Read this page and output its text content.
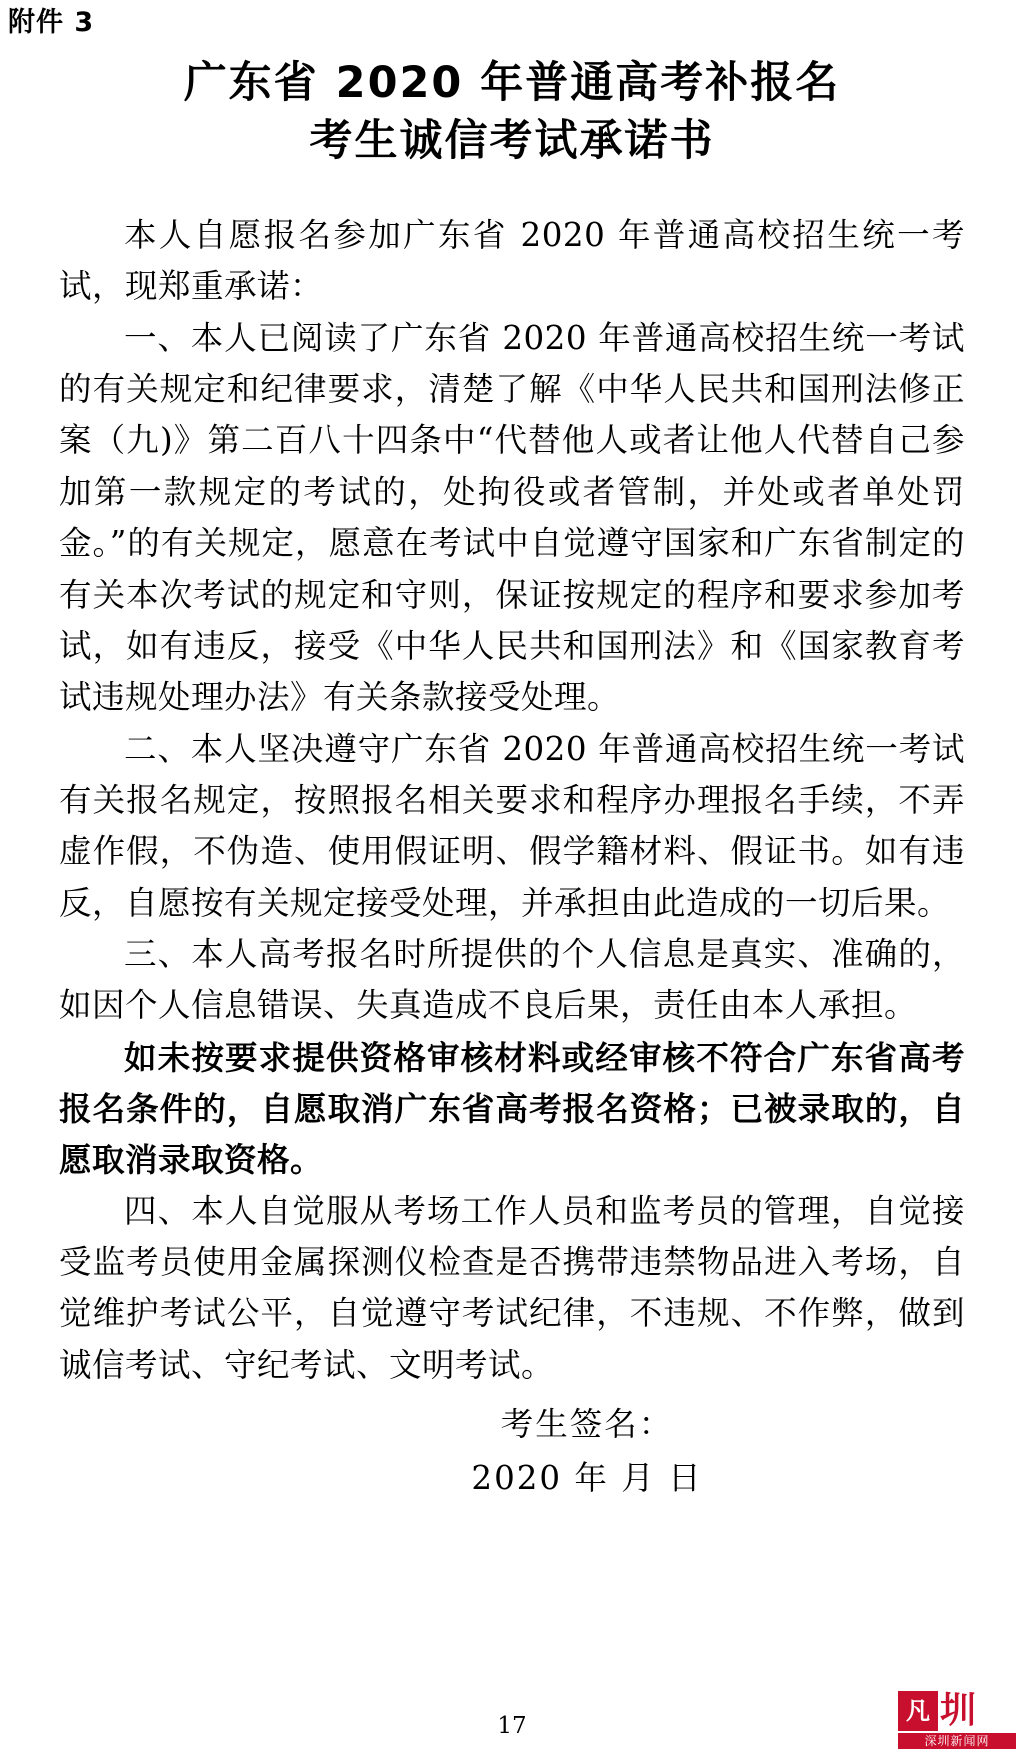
附件 3
广东省 2020 年普通高考补报名
考生诚信考试承诺书

本人自愿报名参加广东省 2020 年普通高校招生统一考试，现郑重承诺：

一、本人已阅读了广东省 2020 年普通高校招生统一考试的有关规定和纪律要求，清楚了解《中华人民共和国刑法修正案（九)》第二百八十四条中“代替他人或者让他人代替自己参加第一款规定的考试的，处拘役或者管制，并处或者单处罚金。”的有关规定，愿意在考试中自觉遵守国家和广东省制定的有关本次考试的规定和守则，保证按规定的程序和要求参加考试，如有违反，接受《中华人民共和国刑法》和《国家教育考试违规处理办法》有关条款接受处理。

二、本人坚决遵守广东省 2020 年普通高校招生统一考试有关报名规定，按照报名相关要求和程序办理报名手续，不弄虚作假，不伪造、使用假证明、假学籍材料、假证书。如有违反，自愿按有关规定接受处理，并承担由此造成的一切后果。

三、本人高考报名时所提供的个人信息是真实、准确的，如因个人信息错误、失真造成不良后果，责任由本人承担。

如未按要求提供资格审核材料或经审核不符合广东省高考报名条件的，自愿取消广东省高考报名资格；已被录取的，自愿取消录取资格。

四、本人自觉服从考场工作人员和监考员的管理，自觉接受监考员使用金属探测仪检查是否携带违禁物品进入考场，自觉维护考试公平，自觉遵守考试纪律，不违规、不作弊，做到诚信考试、守纪考试、文明考试。

考生签名：
2020 年 月 日
17
凡 圳
深圳新闻网
